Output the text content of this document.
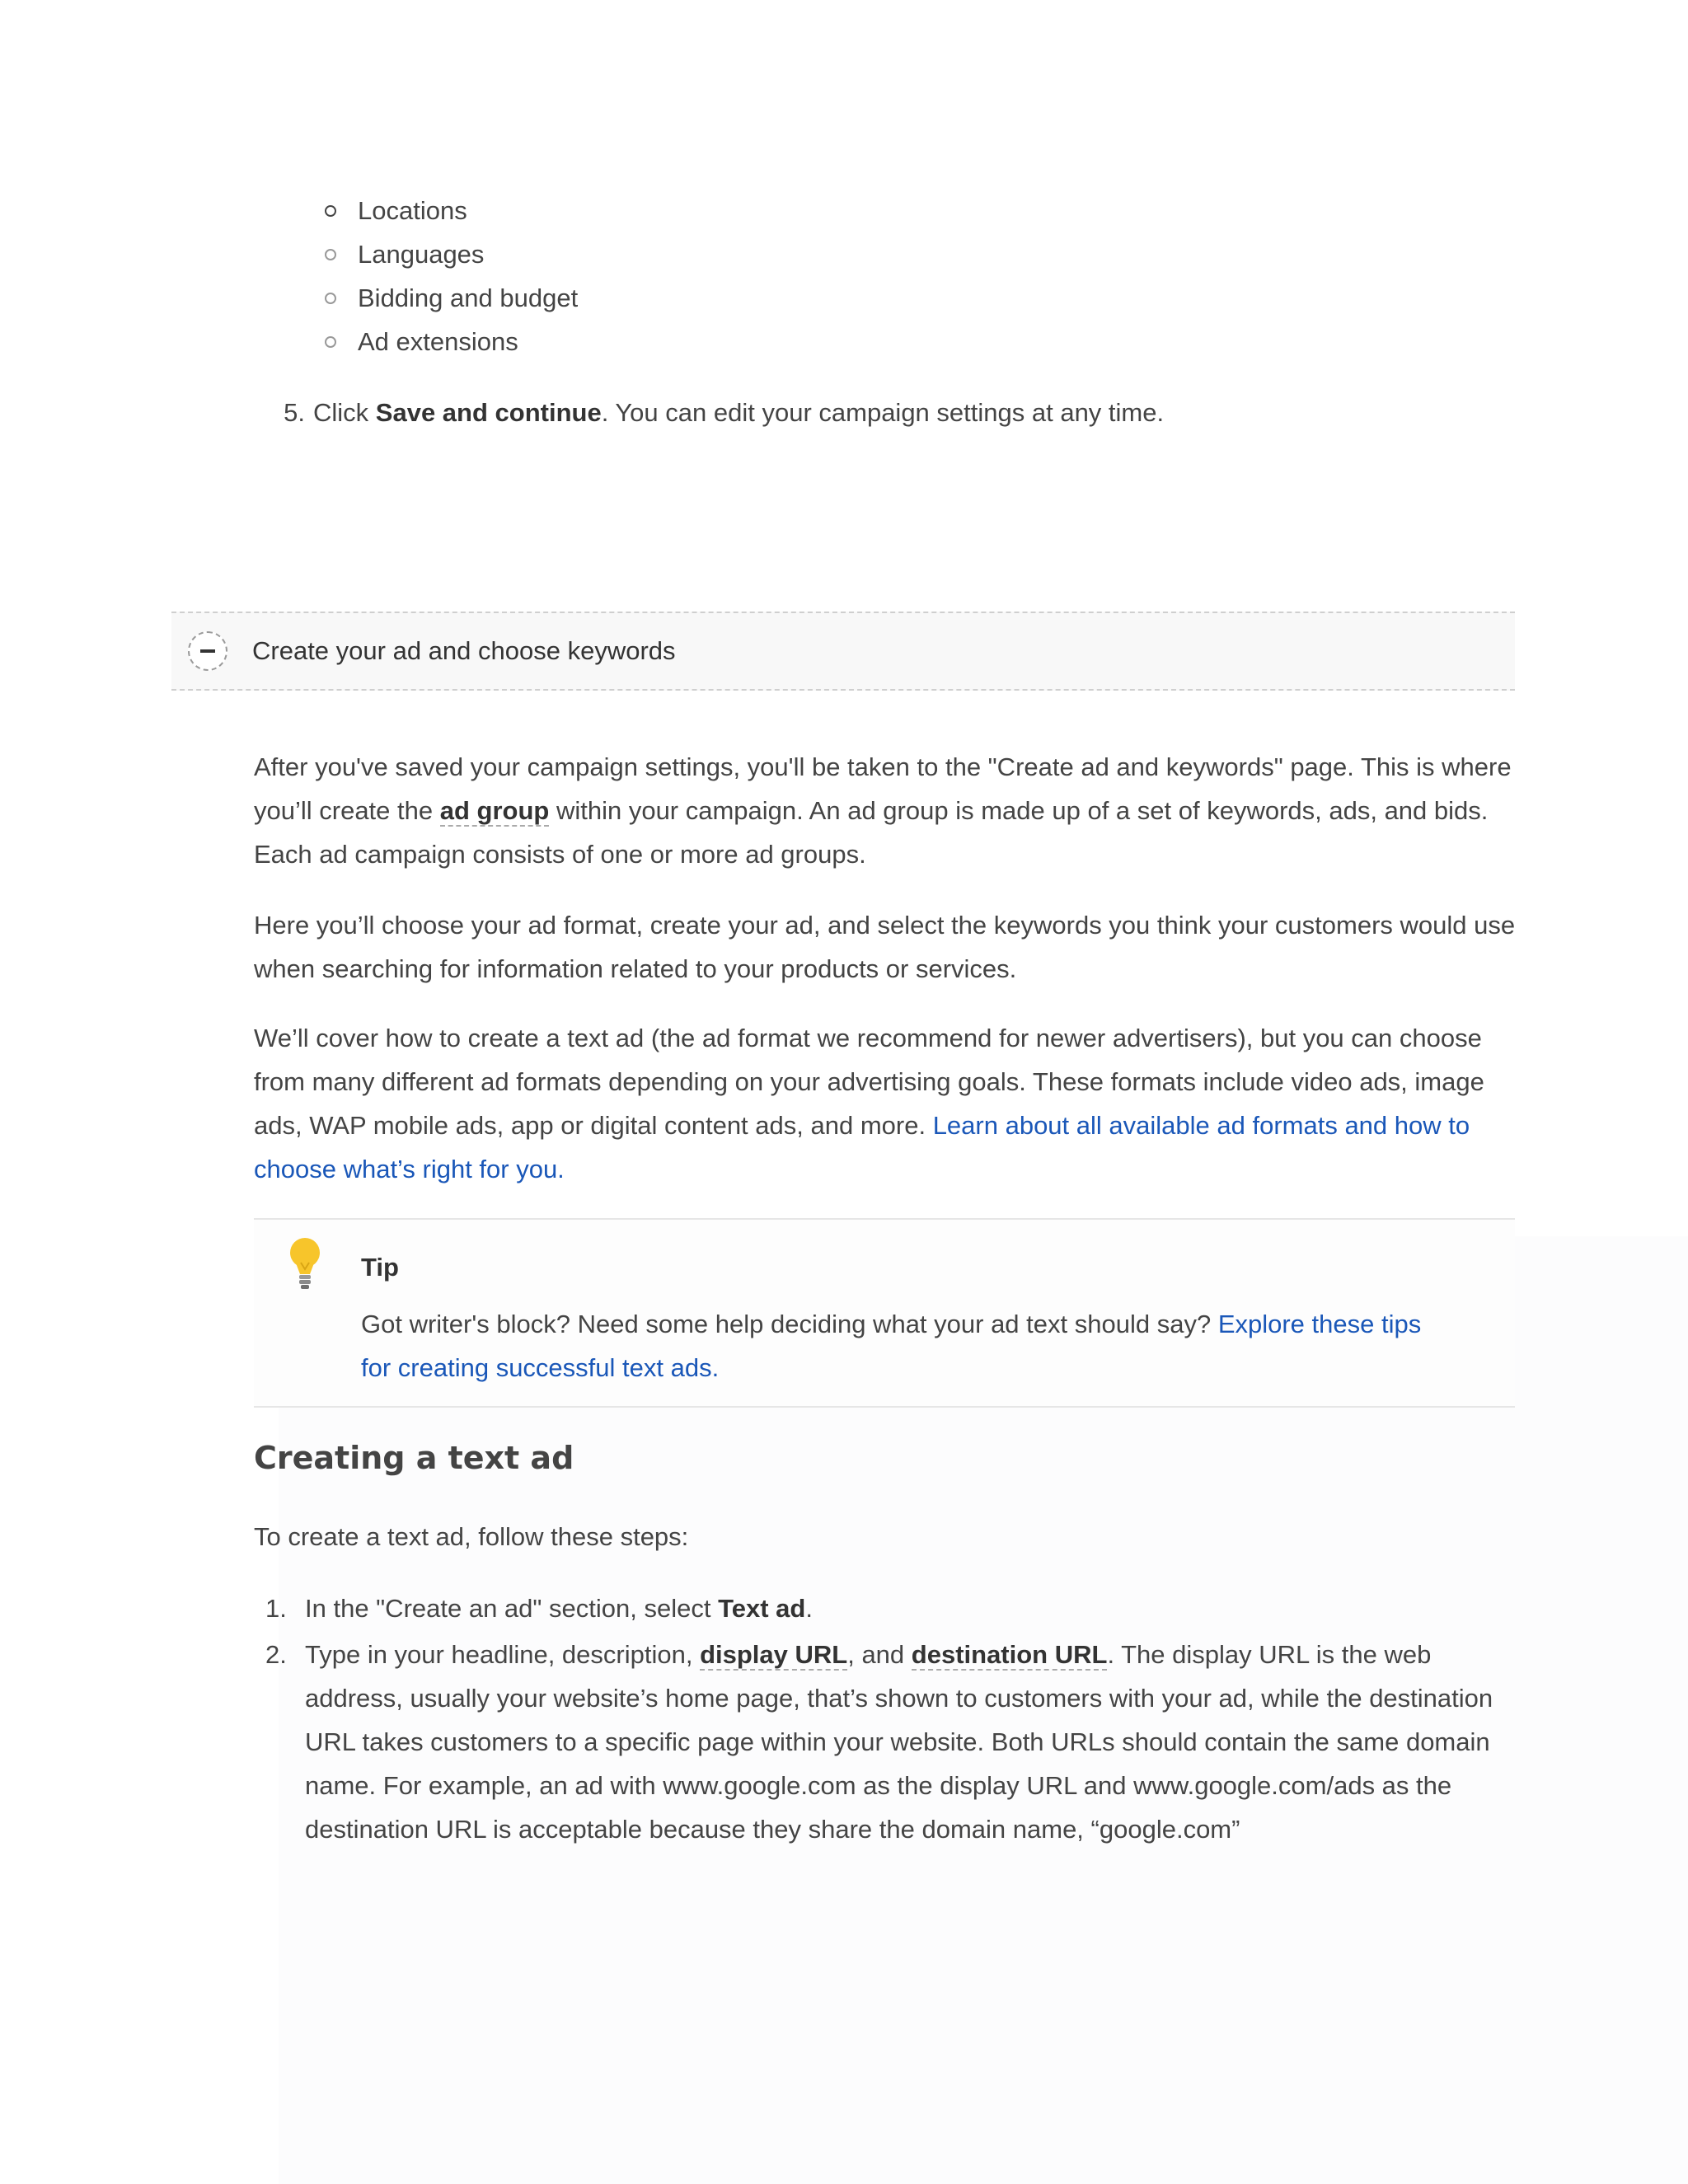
Locations
Languages
Bidding and budget
Ad extensions
5. Click Save and continue. You can edit your campaign settings at any time.
Create your ad and choose keywords

After you've saved your campaign settings, you'll be taken to the "Create ad and keywords" page. This is where you’ll create the ad group within your campaign. An ad group is made up of a set of keywords, ads, and bids. Each ad campaign consists of one or more ad groups.

Here you’ll choose your ad format, create your ad, and select the keywords you think your customers would use when searching for information related to your products or services.

We’ll cover how to create a text ad (the ad format we recommend for newer advertisers), but you can choose from many different ad formats depending on your advertising goals. These formats include video ads, image ads, WAP mobile ads, app or digital content ads, and more. Learn about all available ad formats and how to choose what’s right for you.

Tip
Got writer's block? Need some help deciding what your ad text should say? Explore these tips for creating successful text ads.
Creating a text ad
To create a text ad, follow these steps:
1. In the "Create an ad" section, select Text ad.
2. Type in your headline, description, display URL, and destination URL. The display URL is the web address, usually your website’s home page, that’s shown to customers with your ad, while the destination URL takes customers to a specific page within your website. Both URLs should contain the same domain name. For example, an ad with www.google.com as the display URL and www.google.com/ads as the destination URL is acceptable because they share the domain name, “google.com”
